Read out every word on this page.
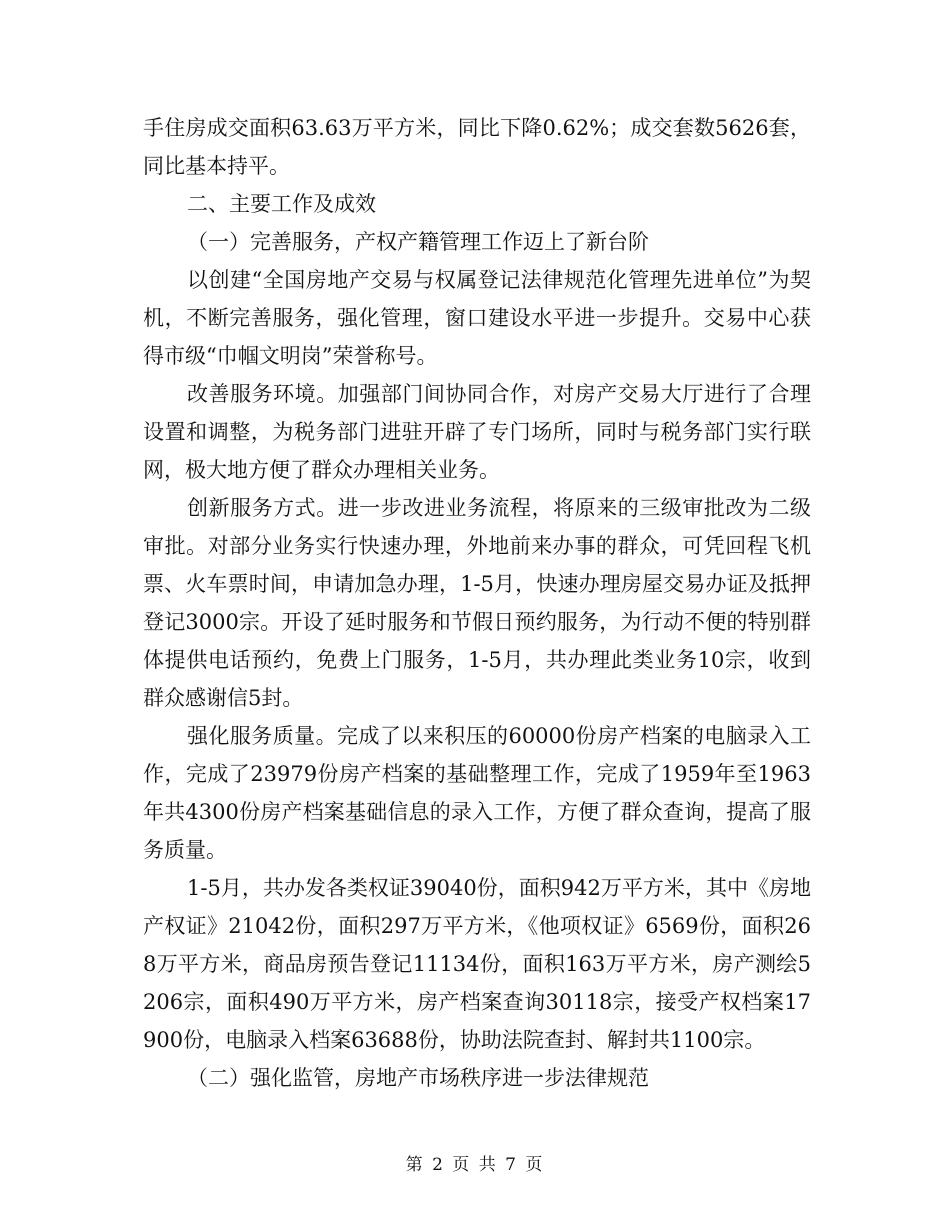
手住房成交面积63.63万平方米，同比下降0.62%；成交套数5626套，同比基本持平。

二、主要工作及成效

（一）完善服务，产权产籍管理工作迈上了新台阶

以创建“全国房地产交易与权属登记法律规范化管理先进单位”为契机，不断完善服务，强化管理，窗口建设水平进一步提升。交易中心获得市级“巾帼文明岗”荣誉称号。

改善服务环境。加强部门间协同合作，对房产交易大厅进行了合理设置和调整，为税务部门进驻开辟了专门场所，同时与税务部门实行联网，极大地方便了群众办理相关业务。

创新服务方式。进一步改进业务流程，将原来的三级审批改为二级审批。对部分业务实行快速办理，外地前来办事的群众，可凭回程飞机票、火车票时间，申请加急办理，1-5月，快速办理房屋交易办证及抵押登记3000宗。开设了延时服务和节假日预约服务，为行动不便的特别群体提供电话预约，免费上门服务，1-5月，共办理此类业务10宗，收到群众感谢信5封。

强化服务质量。完成了以来积压的60000份房产档案的电脑录入工作，完成了23979份房产档案的基础整理工作，完成了1959年至1963年共4300份房产档案基础信息的录入工作，方便了群众查询，提高了服务质量。

1-5月，共办发各类权证39040份，面积942万平方米，其中《房地产权证》21042份，面积297万平方米，《他项权证》6569份，面积268万平方米，商品房预告登记11134份，面积163万平方米，房产测绘5206宗，面积490万平方米，房产档案查询30118宗，接受产权档案17900份，电脑录入档案63688份，协助法院查封、解封共1100宗。

（二）强化监管，房地产市场秩序进一步法律规范

第 2 页 共 7 页
